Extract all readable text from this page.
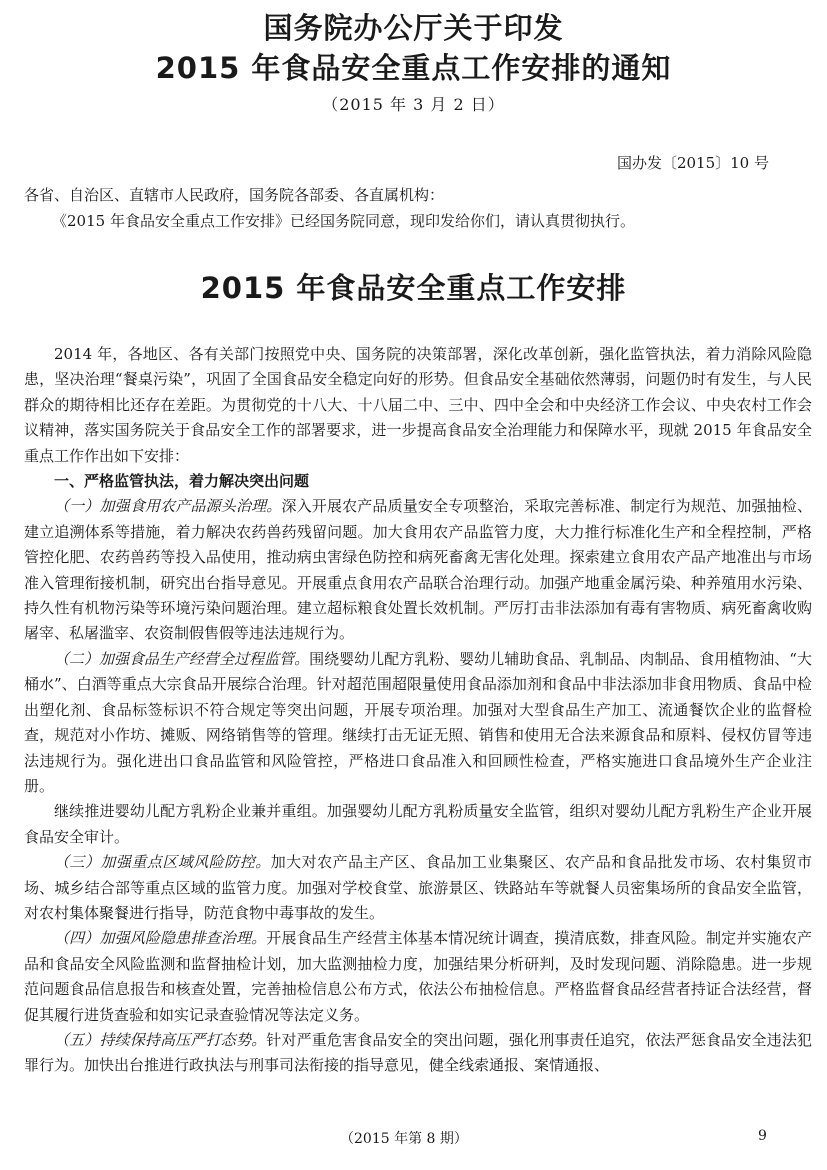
国务院办公厅关于印发
2015 年食品安全重点工作安排的通知
（2015 年 3 月 2 日）
国办发〔2015〕10 号
各省、自治区、直辖市人民政府，国务院各部委、各直属机构：
《2015 年食品安全重点工作安排》已经国务院同意，现印发给你们，请认真贯彻执行。
2015 年食品安全重点工作安排

2014 年，各地区、各有关部门按照党中央、国务院的决策部署，深化改革创新，强化监管执法，着力消除风险隐患，坚决治理“餐桌污染”，巩固了全国食品安全稳定向好的形势。但食品安全基础依然薄弱，问题仍时有发生，与人民群众的期待相比还存在差距。为贯彻党的十八大、十八届二中、三中、四中全会和中央经济工作会议、中央农村工作会议精神，落实国务院关于食品安全工作的部署要求，进一步提高食品安全治理能力和保障水平，现就 2015 年食品安全重点工作作出如下安排：

一、严格监管执法，着力解决突出问题

（一）加强食用农产品源头治理。深入开展农产品质量安全专项整治，采取完善标准、制定行为规范、加强抽检、建立追溯体系等措施，着力解决农药兽药残留问题。加大食用农产品监管力度，大力推行标准化生产和全程控制，严格管控化肥、农药兽药等投入品使用，推动病虫害绿色防控和病死畜禽无害化处理。探索建立食用农产品产地准出与市场准入管理衔接机制，研究出台指导意见。开展重点食用农产品联合治理行动。加强产地重金属污染、种养殖用水污染、持久性有机物污染等环境污染问题治理。建立超标粮食处置长效机制。严厉打击非法添加有毒有害物质、病死畜禽收购屠宰、私屠滥宰、农资制假售假等违法违规行为。

（二）加强食品生产经营全过程监管。围绕婴幼儿配方乳粉、婴幼儿辅助食品、乳制品、肉制品、食用植物油、“大桶水”、白酒等重点大宗食品开展综合治理。针对超范围超限量使用食品添加剂和食品中非法添加非食用物质、食品中检出塑化剂、食品标签标识不符合规定等突出问题，开展专项治理。加强对大型食品生产加工、流通餐饮企业的监督检查，规范对小作坊、摊贩、网络销售等的管理。继续打击无证无照、销售和使用无合法来源食品和原料、侵权仿冒等违法违规行为。强化进出口食品监管和风险管控，严格进口食品准入和回顾性检查，严格实施进口食品境外生产企业注册。

继续推进婴幼儿配方乳粉企业兼并重组。加强婴幼儿配方乳粉质量安全监管，组织对婴幼儿配方乳粉生产企业开展食品安全审计。

（三）加强重点区域风险防控。加大对农产品主产区、食品加工业集聚区、农产品和食品批发市场、农村集贸市场、城乡结合部等重点区域的监管力度。加强对学校食堂、旅游景区、铁路站车等就餐人员密集场所的食品安全监管，对农村集体聚餐进行指导，防范食物中毒事故的发生。

（四）加强风险隐患排查治理。开展食品生产经营主体基本情况统计调查，摸清底数，排查风险。制定并实施农产品和食品安全风险监测和监督抽检计划，加大监测抽检力度，加强结果分析研判，及时发现问题、消除隐患。进一步规范问题食品信息报告和核查处置，完善抽检信息公布方式，依法公布抽检信息。严格监督食品经营者持证合法经营，督促其履行进货查验和如实记录查验情况等法定义务。

（五）持续保持高压严打态势。针对严重危害食品安全的突出问题，强化刑事责任追究，依法严惩食品安全违法犯罪行为。加快出台推进行政执法与刑事司法衔接的指导意见，健全线索通报、案情通报、

（2015 年第 8 期）	9
